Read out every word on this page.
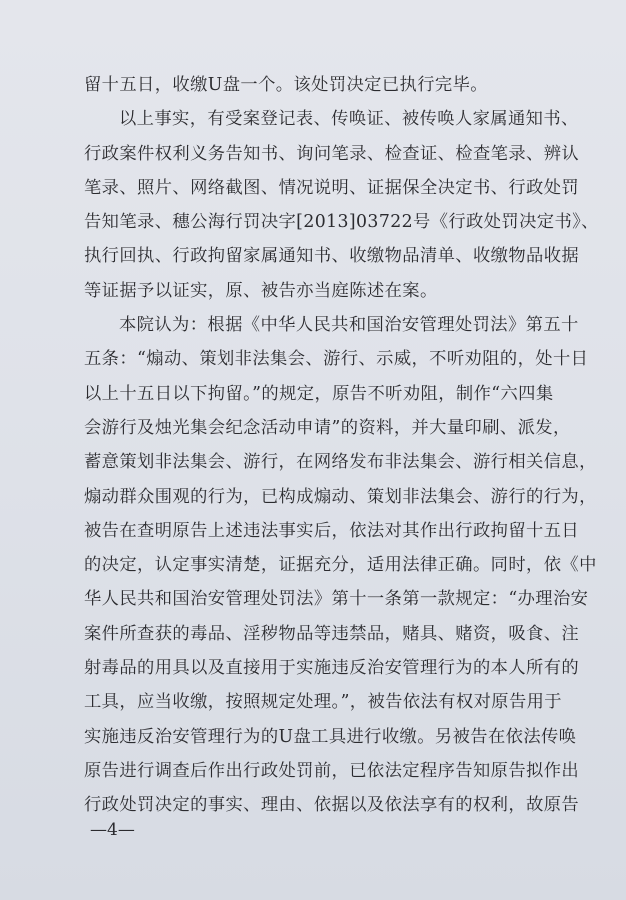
留十五日，收缴U盘一个。该处罚决定已执行完毕。
以上事实，有受案登记表、传唤证、被传唤人家属通知书、
行政案件权利义务告知书、询问笔录、检查证、检查笔录、辨认
笔录、照片、网络截图、情况说明、证据保全决定书、行政处罚
告知笔录、穗公海行罚决字[2013]03722号《行政处罚决定书》、
执行回执、行政拘留家属通知书、收缴物品清单、收缴物品收据
等证据予以证实，原、被告亦当庭陈述在案。
本院认为：根据《中华人民共和国治安管理处罚法》第五十
五条：“煽动、策划非法集会、游行、示威，不听劝阻的，处十日
以上十五日以下拘留。”的规定，原告不听劝阻，制作“六四集
会游行及烛光集会纪念活动申请”的资料，并大量印刷、派发，
蓄意策划非法集会、游行，在网络发布非法集会、游行相关信息，
煽动群众围观的行为，已构成煽动、策划非法集会、游行的行为，
被告在查明原告上述违法事实后，依法对其作出行政拘留十五日
的决定，认定事实清楚，证据充分，适用法律正确。同时，依《中
华人民共和国治安管理处罚法》第十一条第一款规定：“办理治安
案件所查获的毒品、淫秽物品等违禁品，赌具、赌资，吸食、注
射毒品的用具以及直接用于实施违反治安管理行为的本人所有的
工具，应当收缴，按照规定处理。”，被告依法有权对原告用于
实施违反治安管理行为的U盘工具进行收缴。另被告在依法传唤
原告进行调查后作出行政处罚前，已依法定程序告知原告拟作出
行政处罚决定的事实、理由、依据以及依法享有的权利，故原告
—4—
